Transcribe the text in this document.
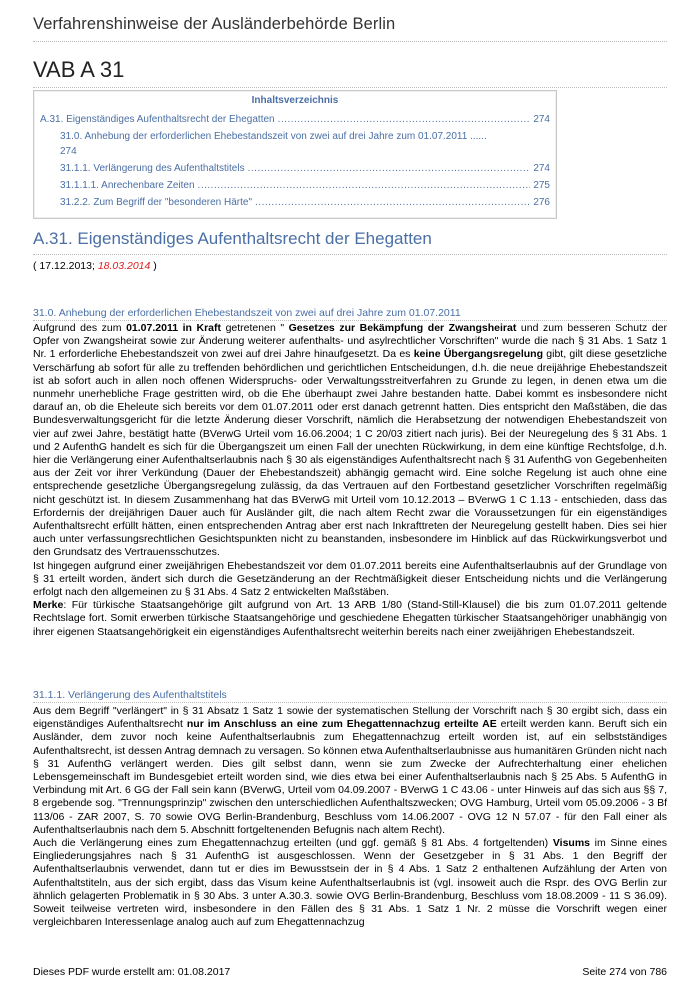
Verfahrenshinweise der Ausländerbehörde Berlin
VAB A 31
Inhaltsverzeichnis
A.31. Eigenständiges Aufenthaltsrecht der Ehegatten .....	274
31.0. Anhebung der erforderlichen Ehebestandszeit von zwei auf drei Jahre zum 01.07.2011 ......
274
31.1.1. Verlängerung des Aufenthaltstitels .....	274
31.1.1.1. Anrechenbare Zeiten .....	275
31.2.2. Zum Begriff der "besonderen Härte" .....	276
A.31. Eigenständiges Aufenthaltsrecht der Ehegatten
( 17.12.2013; 18.03.2014 )
31.0. Anhebung der erforderlichen Ehebestandszeit von zwei auf drei Jahre zum 01.07.2011

Aufgrund des zum 01.07.2011 in Kraft getretenen " Gesetzes zur Bekämpfung der Zwangsheirat und zum besseren Schutz der Opfer von Zwangsheirat sowie zur Änderung weiterer aufenthalts- und asylrechtlicher Vorschriften" wurde die nach § 31 Abs. 1 Satz 1 Nr. 1 erforderliche Ehebestandszeit von zwei auf drei Jahre hinaufgesetzt. Da es keine Übergangsregelung gibt, gilt diese gesetzliche Verschärfung ab sofort für alle zu treffenden behördlichen und gerichtlichen Entscheidungen, d.h. die neue dreijährige Ehebestandszeit ist ab sofort auch in allen noch offenen Widerspruchs- oder Verwaltungsstreitverfahren zu Grunde zu legen, in denen etwa um die nunmehr unerhebliche Frage gestritten wird, ob die Ehe überhaupt zwei Jahre bestanden hatte. Dabei kommt es insbesondere nicht darauf an, ob die Eheleute sich bereits vor dem 01.07.2011 oder erst danach getrennt hatten. Dies entspricht den Maßstäben, die das Bundesverwaltungsgericht für die letzte Änderung dieser Vorschrift, nämlich die Herabsetzung der notwendigen Ehebestandszeit von vier auf zwei Jahre, bestätigt hatte (BVerwG Urteil vom 16.06.2004; 1 C 20/03 zitiert nach juris). Bei der Neuregelung des § 31 Abs. 1 und 2 AufenthG handelt es sich für die Übergangszeit um einen Fall der unechten Rückwirkung, in dem eine künftige Rechtsfolge, d.h. hier die Verlängerung einer Aufenthaltserlaubnis nach § 30 als eigenständiges Aufenthaltsrecht nach § 31 AufenthG von Gegebenheiten aus der Zeit vor ihrer Verkündung (Dauer der Ehebestandszeit) abhängig gemacht wird. Eine solche Regelung ist auch ohne eine entsprechende gesetzliche Übergangsregelung zulässig, da das Vertrauen auf den Fortbestand gesetzlicher Vorschriften regelmäßig nicht geschützt ist. In diesem Zusammenhang hat das BVerwG mit Urteil vom 10.12.2013 – BVerwG 1 C 1.13 - entschieden, dass das Erfordernis der dreijährigen Dauer auch für Ausländer gilt, die nach altem Recht zwar die Voraussetzungen für ein eigenständiges Aufenthaltsrecht erfüllt hätten, einen entsprechenden Antrag aber erst nach Inkrafttreten der Neuregelung gestellt haben. Dies sei hier auch unter verfassungsrechtlichen Gesichtspunkten nicht zu beanstanden, insbesondere im Hinblick auf das Rückwirkungsverbot und den Grundsatz des Vertrauensschutzes.

Ist hingegen aufgrund einer zweijährigen Ehebestandszeit vor dem 01.07.2011 bereits eine Aufenthaltserlaubnis auf der Grundlage von § 31 erteilt worden, ändert sich durch die Gesetzänderung an der Rechtmäßigkeit dieser Entscheidung nichts und die Verlängerung erfolgt nach den allgemeinen zu § 31 Abs. 4 Satz 2 entwickelten Maßstäben.

Merke: Für türkische Staatsangehörige gilt aufgrund von Art. 13 ARB 1/80 (Stand-Still-Klausel) die bis zum 01.07.2011 geltende Rechtslage fort. Somit erwerben türkische Staatsangehörige und geschiedene Ehegatten türkischer Staatsangehöriger unabhängig von ihrer eigenen Staatsangehörigkeit ein eigenständiges Aufenthaltsrecht weiterhin bereits nach einer zweijährigen Ehebestandszeit.

31.1.1. Verlängerung des Aufenthaltstitels

Aus dem Begriff "verlängert" in § 31 Absatz 1 Satz 1 sowie der systematischen Stellung der Vorschrift nach § 30 ergibt sich, dass ein eigenständiges Aufenthaltsrecht nur im Anschluss an eine zum Ehegattennachzug erteilte AE erteilt werden kann. Beruft sich ein Ausländer, dem zuvor noch keine Aufenthaltserlaubnis zum Ehegattennachzug erteilt worden ist, auf ein selbstständiges Aufenthaltsrecht, ist dessen Antrag demnach zu versagen. So können etwa Aufenthaltserlaubnisse aus humanitären Gründen nicht nach § 31 AufenthG verlängert werden. Dies gilt selbst dann, wenn sie zum Zwecke der Aufrechterhaltung einer ehelichen Lebensgemeinschaft im Bundesgebiet erteilt worden sind, wie dies etwa bei einer Aufenthaltserlaubnis nach § 25 Abs. 5 AufenthG in Verbindung mit Art. 6 GG der Fall sein kann (BVerwG, Urteil vom 04.09.2007 - BVerwG 1 C 43.06 - unter Hinweis auf das sich aus §§ 7, 8 ergebende sog. "Trennungsprinzip" zwischen den unterschiedlichen Aufenthaltszwecken; OVG Hamburg, Urteil vom 05.09.2006 - 3 Bf 113/06 - ZAR 2007, S. 70 sowie OVG Berlin-Brandenburg, Beschluss vom 14.06.2007 - OVG 12 N 57.07 - für den Fall einer als Aufenthaltserlaubnis nach dem 5. Abschnitt fortgeltenenden Befugnis nach altem Recht).

Auch die Verlängerung eines zum Ehegattennachzug erteilten (und ggf. gemäß § 81 Abs. 4 fortgeltenden) Visums im Sinne eines Eingliederungsjahres nach § 31 AufenthG ist ausgeschlossen. Wenn der Gesetzgeber in § 31 Abs. 1 den Begriff der Aufenthaltserlaubnis verwendet, dann tut er dies im Bewusstsein der in § 4 Abs. 1 Satz 2 enthaltenen Aufzählung der Arten von Aufenthaltstiteln, aus der sich ergibt, dass das Visum keine Aufenthaltserlaubnis ist (vgl. insoweit auch die Rspr. des OVG Berlin zur ähnlich gelagerten Problematik in § 30 Abs. 3 unter A.30.3. sowie OVG Berlin-Brandenburg, Beschluss vom 18.08.2009 - 11 S 36.09). Soweit teilweise vertreten wird, insbesondere in den Fällen des § 31 Abs. 1 Satz 1 Nr. 2 müsse die Vorschrift wegen einer vergleichbaren Interessenlage analog auch auf zum Ehegattennachzug

Dieses PDF wurde erstellt am: 01.08.2017	Seite 274 von 786
